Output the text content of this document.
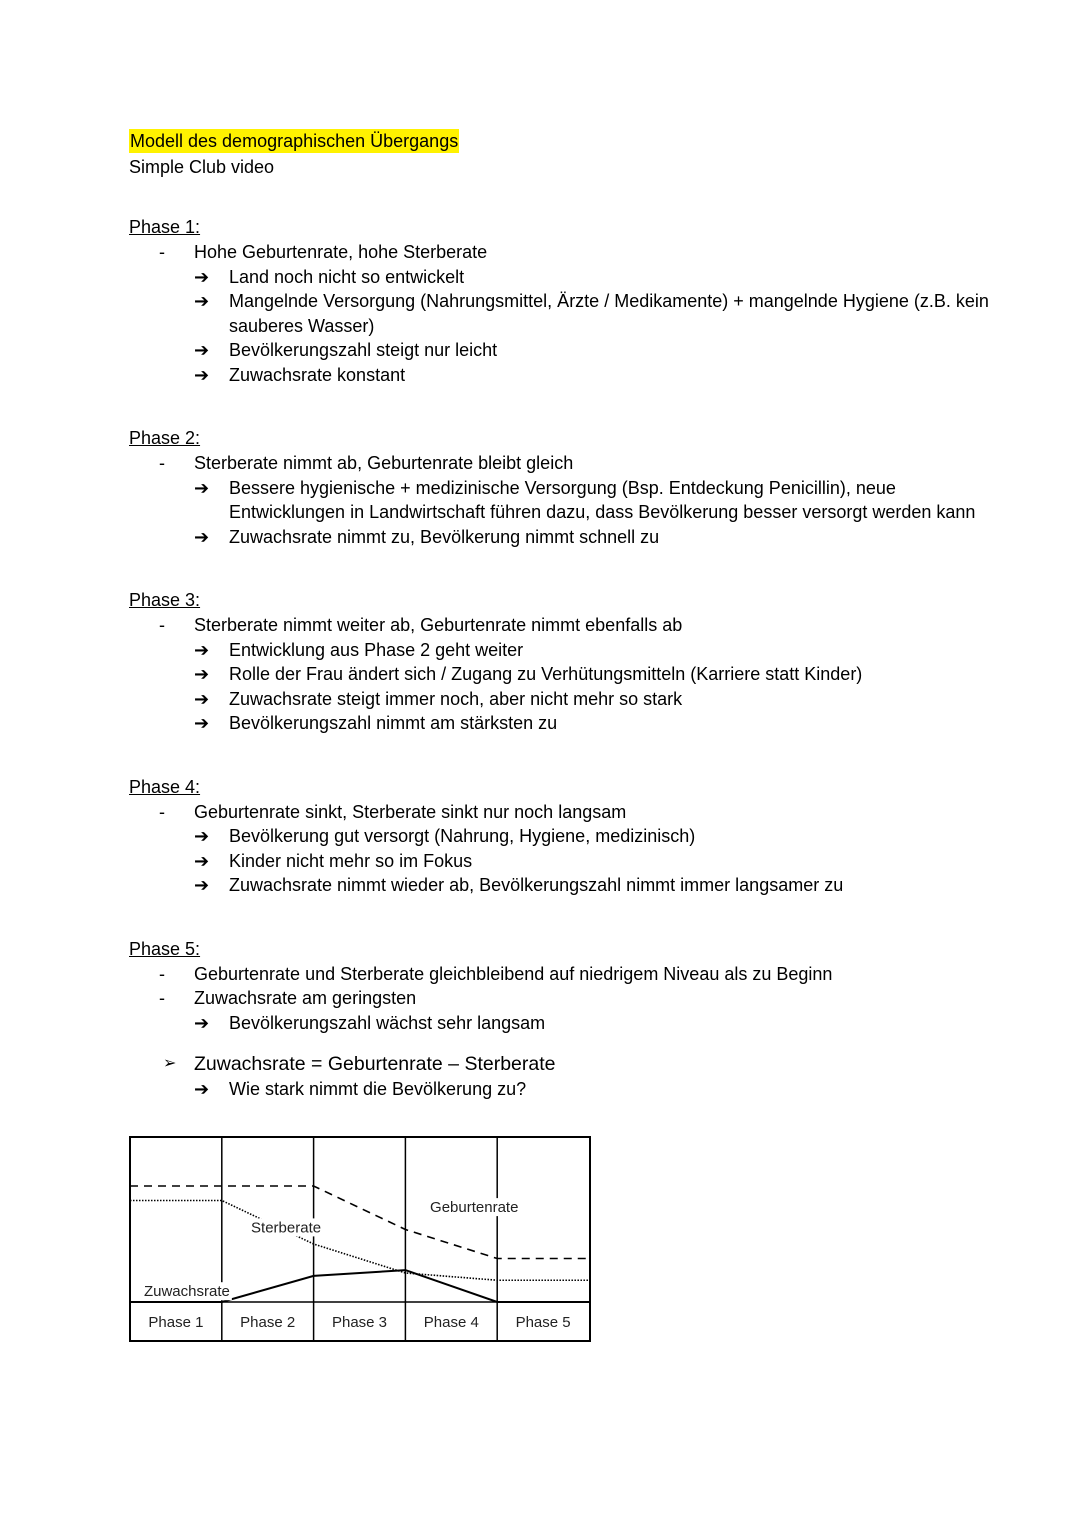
Modell des demographischen Übergangs
Simple Club video
Phase 1:
-	Hohe Geburtenrate, hohe Sterberate
➔	Land noch nicht so entwickelt
➔	Mangelnde Versorgung (Nahrungsmittel, Ärzte / Medikamente) + mangelnde Hygiene (z.B. kein sauberes Wasser)
➔	Bevölkerungszahl steigt nur leicht
➔	Zuwachsrate konstant
Phase 2:
-	Sterberate nimmt ab, Geburtenrate bleibt gleich
➔	Bessere hygienische + medizinische Versorgung (Bsp. Entdeckung Penicillin), neue Entwicklungen in Landwirtschaft führen dazu, dass Bevölkerung besser versorgt werden kann
➔	Zuwachsrate nimmt zu, Bevölkerung nimmt schnell zu
Phase 3:
-	Sterberate nimmt weiter ab, Geburtenrate nimmt ebenfalls ab
➔	Entwicklung aus Phase 2 geht weiter
➔	Rolle der Frau ändert sich / Zugang zu Verhütungsmitteln (Karriere statt Kinder)
➔	Zuwachsrate steigt immer noch, aber nicht mehr so stark
➔	Bevölkerungszahl nimmt am stärksten zu
Phase 4:
-	Geburtenrate sinkt, Sterberate sinkt nur noch langsam
➔	Bevölkerung gut versorgt (Nahrung, Hygiene, medizinisch)
➔	Kinder nicht mehr so im Fokus
➔	Zuwachsrate nimmt wieder ab, Bevölkerungszahl nimmt immer langsamer zu
Phase 5:
-	Geburtenrate und Sterberate gleichbleibend auf niedrigem Niveau als zu Beginn
-	Zuwachsrate am geringsten
➔	Bevölkerungszahl wächst sehr langsam
➢ Zuwachsrate = Geburtenrate – Sterberate
➔	Wie stark nimmt die Bevölkerung zu?
Phase 1 Phase 2 Phase 3 Phase 4 Phase 5
Sterberate
Geburtenrate
Zuwachsrate
